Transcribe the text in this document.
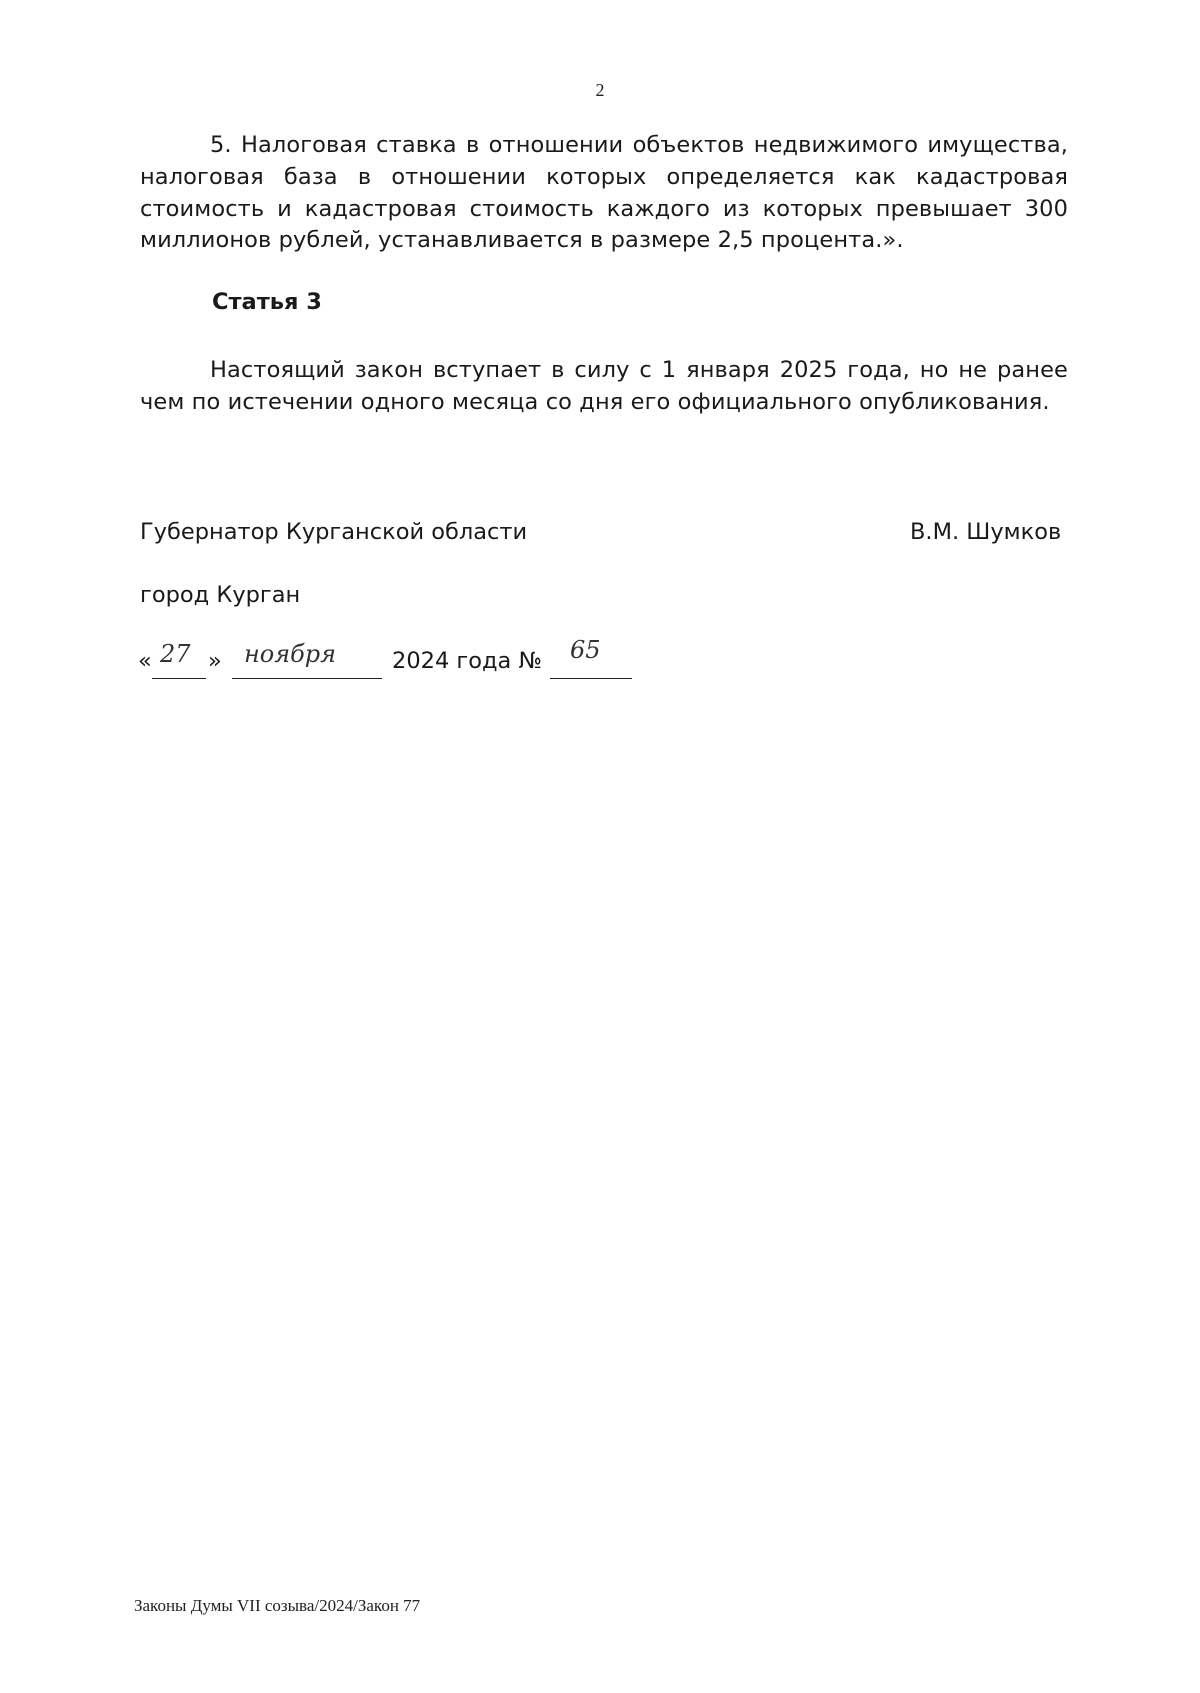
2
5. Налоговая ставка в отношении объектов недвижимого имущества, налоговая база в отношении которых определяется как кадастровая стоимость и кадастровая стоимость каждого из которых превышает 300 миллионов рублей, устанавливается в размере 2,5 процента.».
Статья 3
Настоящий закон вступает в силу с 1 января 2025 года, но не ранее чем по истечении одного месяца со дня его официального опубликования.
Губернатор Курганской области	В.М. Шумков
город Курган
« 27 » ноября 2024 года № 65
Законы Думы VII созыва/2024/Закон 77
